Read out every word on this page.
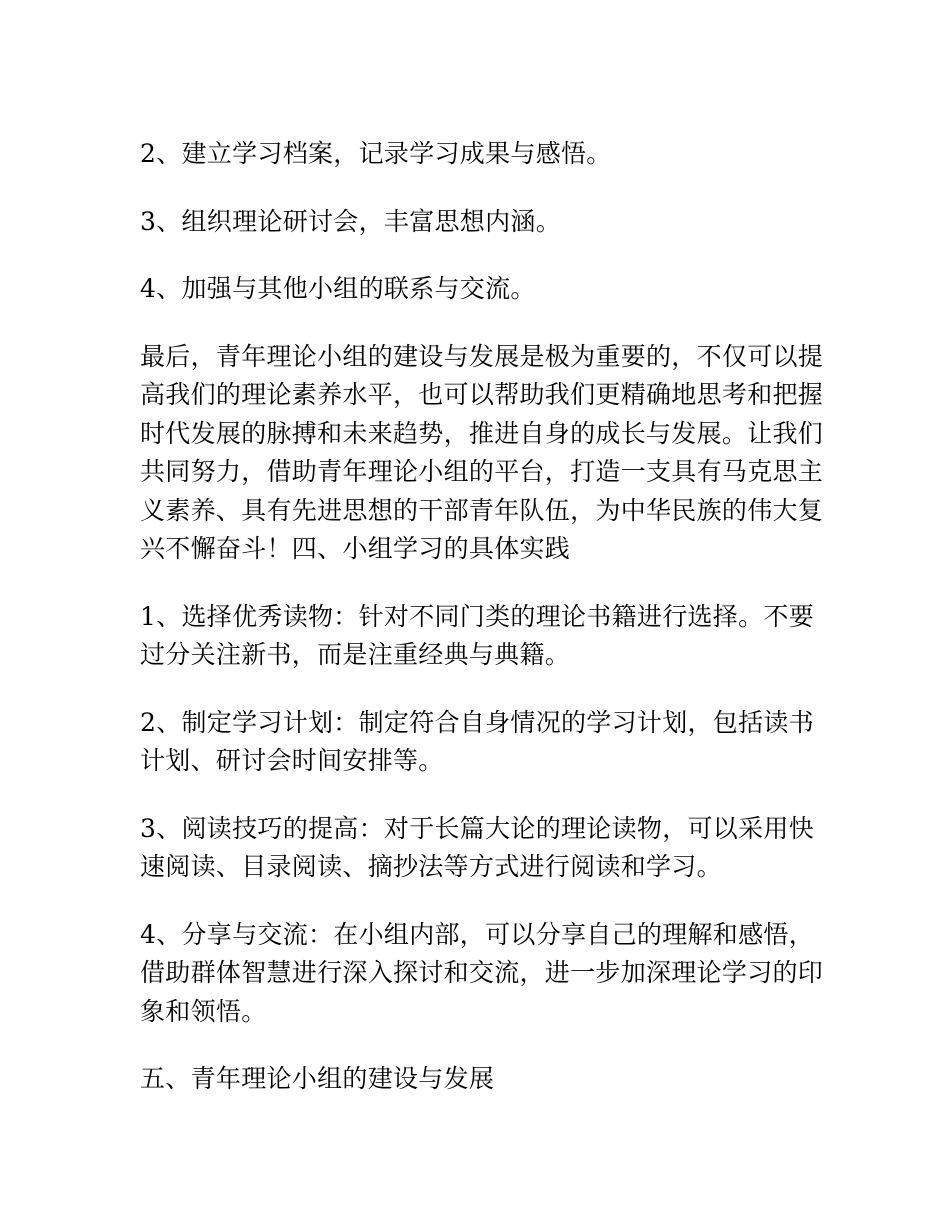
2、建立学习档案，记录学习成果与感悟。

3、组织理论研讨会，丰富思想内涵。

4、加强与其他小组的联系与交流。

最后，青年理论小组的建设与发展是极为重要的，不仅可以提
高我们的理论素养水平，也可以帮助我们更精确地思考和把握
时代发展的脉搏和未来趋势，推进自身的成长与发展。让我们
共同努力，借助青年理论小组的平台，打造一支具有马克思主
义素养、具有先进思想的干部青年队伍，为中华民族的伟大复
兴不懈奋斗！四、小组学习的具体实践

1、选择优秀读物：针对不同门类的理论书籍进行选择。不要
过分关注新书，而是注重经典与典籍。

2、制定学习计划：制定符合自身情况的学习计划，包括读书
计划、研讨会时间安排等。

3、阅读技巧的提高：对于长篇大论的理论读物，可以采用快
速阅读、目录阅读、摘抄法等方式进行阅读和学习。

4、分享与交流：在小组内部，可以分享自己的理解和感悟，
借助群体智慧进行深入探讨和交流，进一步加深理论学习的印
象和领悟。

五、青年理论小组的建设与发展
